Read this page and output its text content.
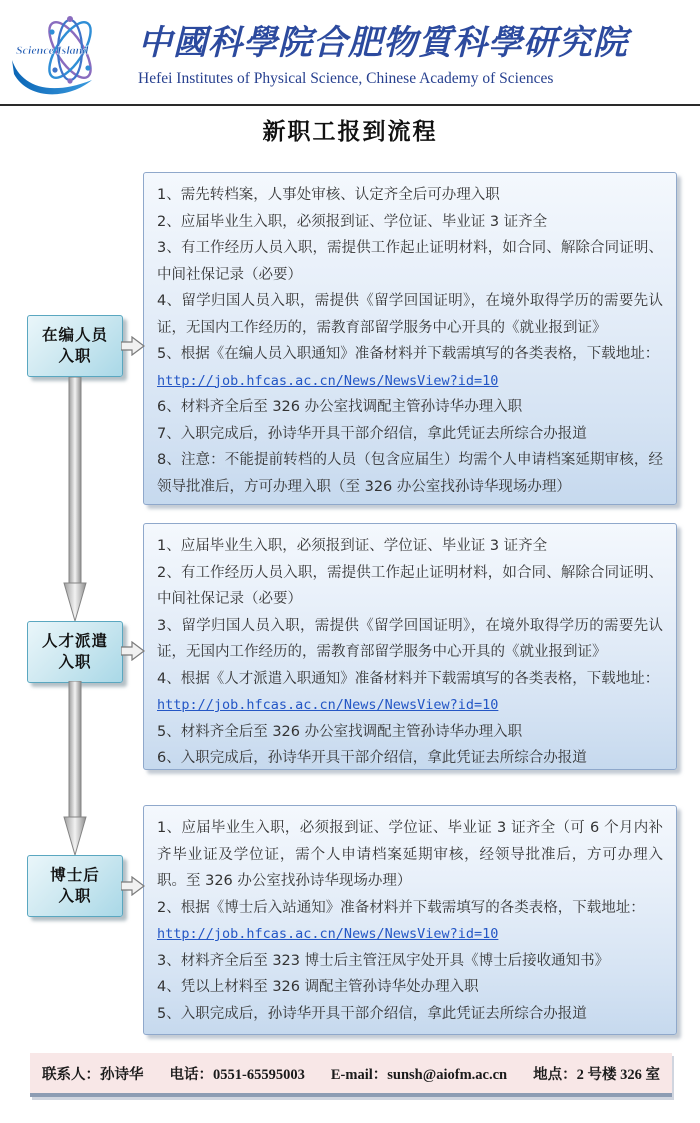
Science Island 中國科學院合肥物質科學研究院
Hefei Institutes of Physical Science, Chinese Academy of Sciences
新职工报到流程
1、需先转档案，人事处审核、认定齐全后可办理入职
2、应届毕业生入职，必须报到证、学位证、毕业证 3 证齐全
3、有工作经历人员入职，需提供工作起止证明材料，如合同、解除合同证明、中间社保记录（必要）
4、留学归国人员入职，需提供《留学回国证明》，在境外取得学历的需要先认证，无国内工作经历的，需教育部留学服务中心开具的《就业报到证》
5、根据《在编人员入职通知》准备材料并下载需填写的各类表格，下载地址：
http://job.hfcas.ac.cn/News/NewsView?id=10
6、材料齐全后至 326 办公室找调配主管孙诗华办理入职
7、入职完成后，孙诗华开具干部介绍信，拿此凭证去所综合办报道
8、注意：不能提前转档的人员（包含应届生）均需个人申请档案延期审核，经领导批准后，方可办理入职（至 326 办公室找孙诗华现场办理）
在编人员
入职
1、应届毕业生入职，必须报到证、学位证、毕业证 3 证齐全
2、有工作经历人员入职，需提供工作起止证明材料，如合同、解除合同证明、中间社保记录（必要）
3、留学归国人员入职，需提供《留学回国证明》，在境外取得学历的需要先认证，无国内工作经历的，需教育部留学服务中心开具的《就业报到证》
4、根据《人才派遣入职通知》准备材料并下载需填写的各类表格，下载地址：
http://job.hfcas.ac.cn/News/NewsView?id=10
5、材料齐全后至 326 办公室找调配主管孙诗华办理入职
6、入职完成后，孙诗华开具干部介绍信，拿此凭证去所综合办报道
人才派遣
入职
1、应届毕业生入职，必须报到证、学位证、毕业证 3 证齐全（可 6 个月内补齐毕业证及学位证，需个人申请档案延期审核，经领导批准后，方可办理入职。至 326 办公室找孙诗华现场办理）
2、根据《博士后入站通知》准备材料并下载需填写的各类表格，下载地址：
http://job.hfcas.ac.cn/News/NewsView?id=10
3、材料齐全后至 323 博士后主管汪凤宇处开具《博士后接收通知书》
4、凭以上材料至 326 调配主管孙诗华处办理入职
5、入职完成后，孙诗华开具干部介绍信，拿此凭证去所综合办报道
博士后
入职
联系人：孙诗华 电话：0551-65595003 E-mail：sunsh@aiofm.ac.cn 地点：2 号楼 326 室
